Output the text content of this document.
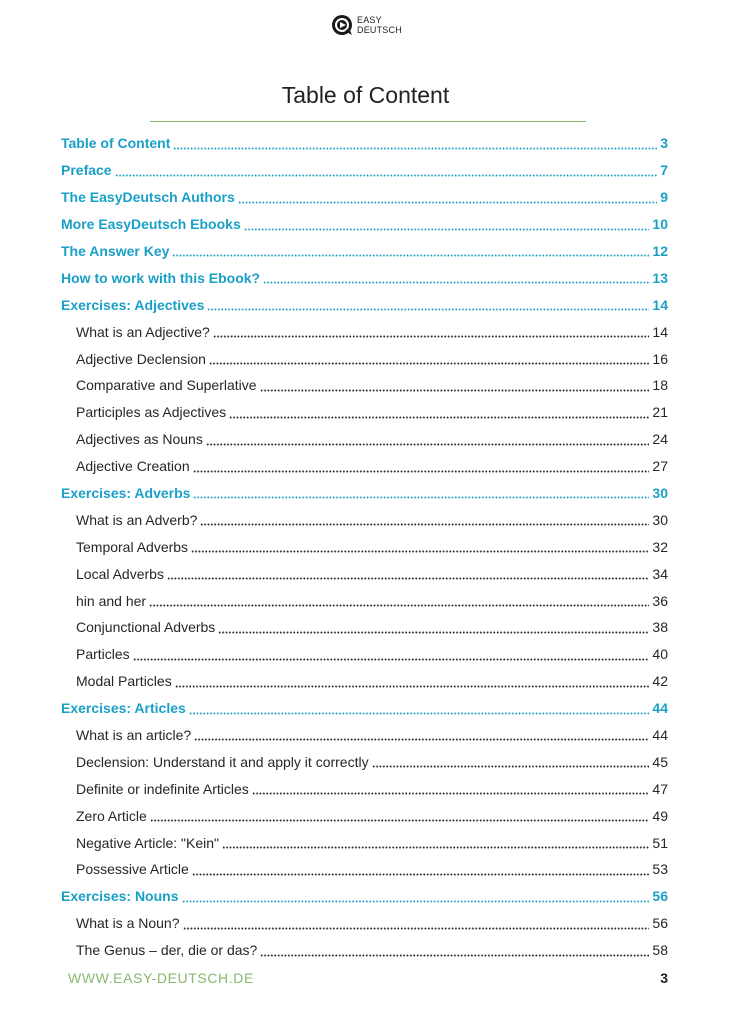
EASY
DEUTSCH
Table of Content
Table of Content	3
Preface	7
The EasyDeutsch Authors	9
More EasyDeutsch Ebooks	10
The Answer Key	12
How to work with this Ebook?	13
Exercises: Adjectives	14
What is an Adjective?	14
Adjective Declension	16
Comparative and Superlative	18
Participles as Adjectives	21
Adjectives as Nouns	24
Adjective Creation	27
Exercises: Adverbs	30
What is an Adverb?	30
Temporal Adverbs	32
Local Adverbs	34
hin and her	36
Conjunctional Adverbs	38
Particles	40
Modal Particles	42
Exercises: Articles	44
What is an article?	44
Declension: Understand it and apply it correctly	45
Definite or indefinite Articles	47
Zero Article	49
Negative Article: "Kein"	51
Possessive Article	53
Exercises: Nouns	56
What is a Noun?	56
The Genus – der, die or das?	58
WWW.EASY-DEUTSCH.DE	3
